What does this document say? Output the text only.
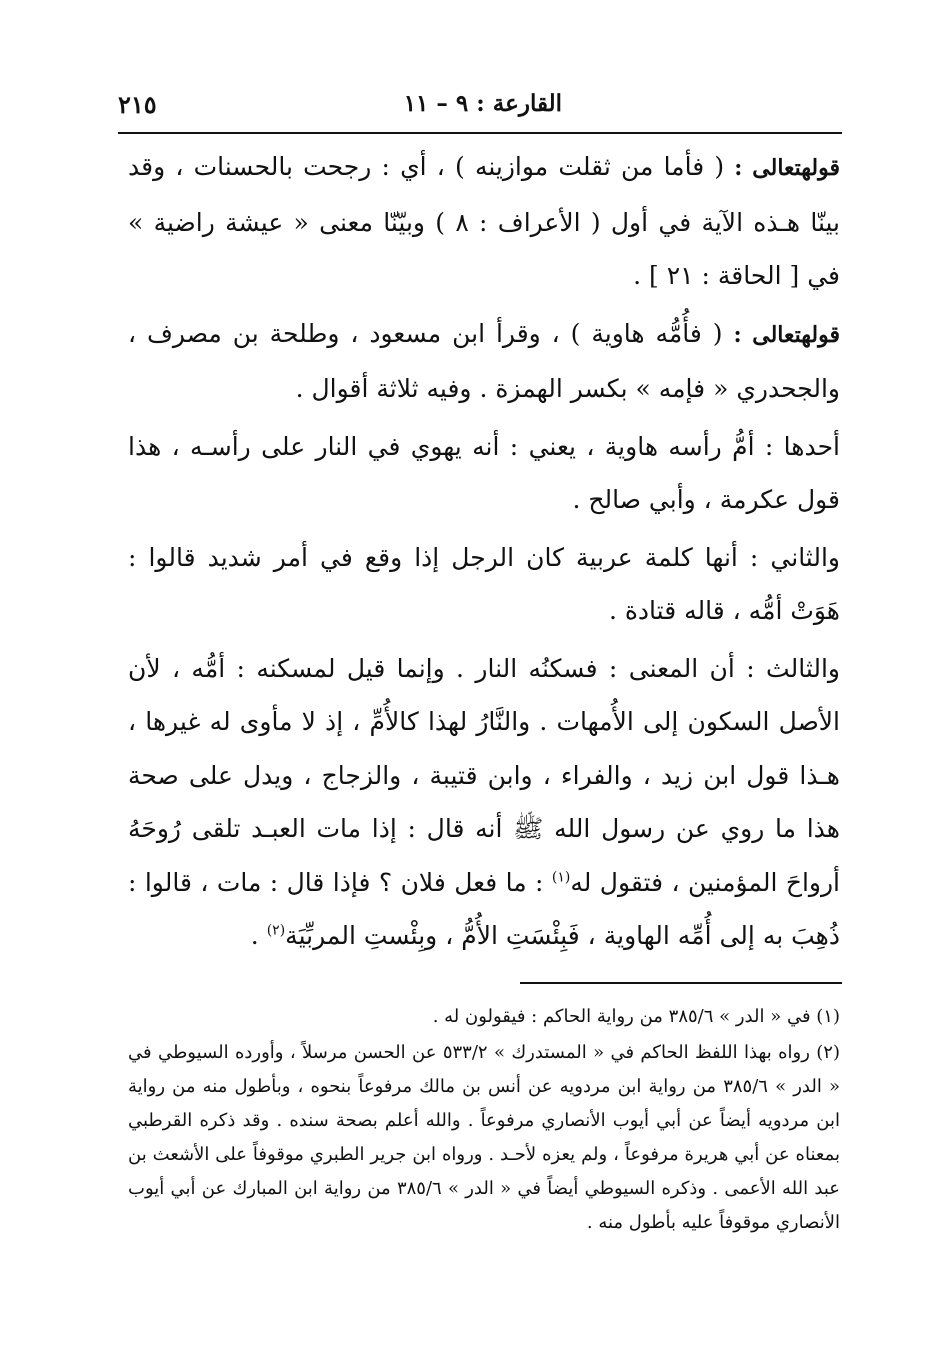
٢١٥	القارعة : ٩ – ١١

قولهتعالى : ( فأما من ثقلت موازينه ) ، أي : رجحت بالحسنات ، وقد بينّا هـذه الآية في أول ( الأعراف : ٨ ) وبيّنّا معنى « عيشة راضية » في [ الحاقة : ٢١ ] .

قولهتعالى : ( فأُمُّه هاوية ) ، وقرأ ابن مسعود ، وطلحة بن مصرف ، والجحدري « فإمه » بكسر الهمزة . وفيه ثلاثة أقوال .

أحدها : أمُّ رأسه هاوية ، يعني : أنه يهوي في النار على رأسـه ، هذا قول عكرمة ، وأبي صالح .

والثاني : أنها كلمة عربية كان الرجل إذا وقع في أمر شديد قالوا : هَوَتْ أمُّه ، قاله قتادة .

والثالث : أن المعنى : فسكنُه النار . وإنما قيل لمسكنه : أمُّه ، لأن الأصل السكون إلى الأُمهات . والنَّارُ لهذا كالأُمِّ ، إذ لا مأوى له غيرها ، هـذا قول ابن زيد ، والفراء ، وابن قتيبة ، والزجاج ، ويدل على صحة هذا ما روي عن رسول الله ﷺ أنه قال : إذا مات العبـد تلقى رُوحَهُ أرواحَ المؤمنين ، فتقول له$^{(١)}$ : ما فعل فلان ؟ فإذا قال : مات ، قالوا : ذُهِبَ به إلى أُمِّه الهاوية ، فَبِئْسَتِ الأُمُّ ، وبِئْستِ المربِّيَة$^{(٢)}$ .

(١) في « الدر » ٣٨٥/٦ من رواية الحاكم : فيقولون له .

(٢) رواه بهذا اللفظ الحاكم في « المستدرك » ٥٣٣/٢ عن الحسن مرسلاً ، وأورده السيوطي في « الدر » ٣٨٥/٦ من رواية ابن مردويه عن أنس بن مالك مرفوعاً بنحوه ، وبأطول منه من رواية ابن مردويه أيضاً عن أبي أيوب الأنصاري مرفوعاً . والله أعلم بصحة سنده . وقد ذكره القرطبي بمعناه عن أبي هريرة مرفوعاً ، ولم يعزه لأحـد . ورواه ابن جرير الطبري موقوفاً على الأشعث بن عبد الله الأعمى . وذكره السيوطي أيضاً في « الدر » ٣٨٥/٦ من رواية ابن المبارك عن أبي أيوب الأنصاري موقوفاً عليه بأطول منه .
